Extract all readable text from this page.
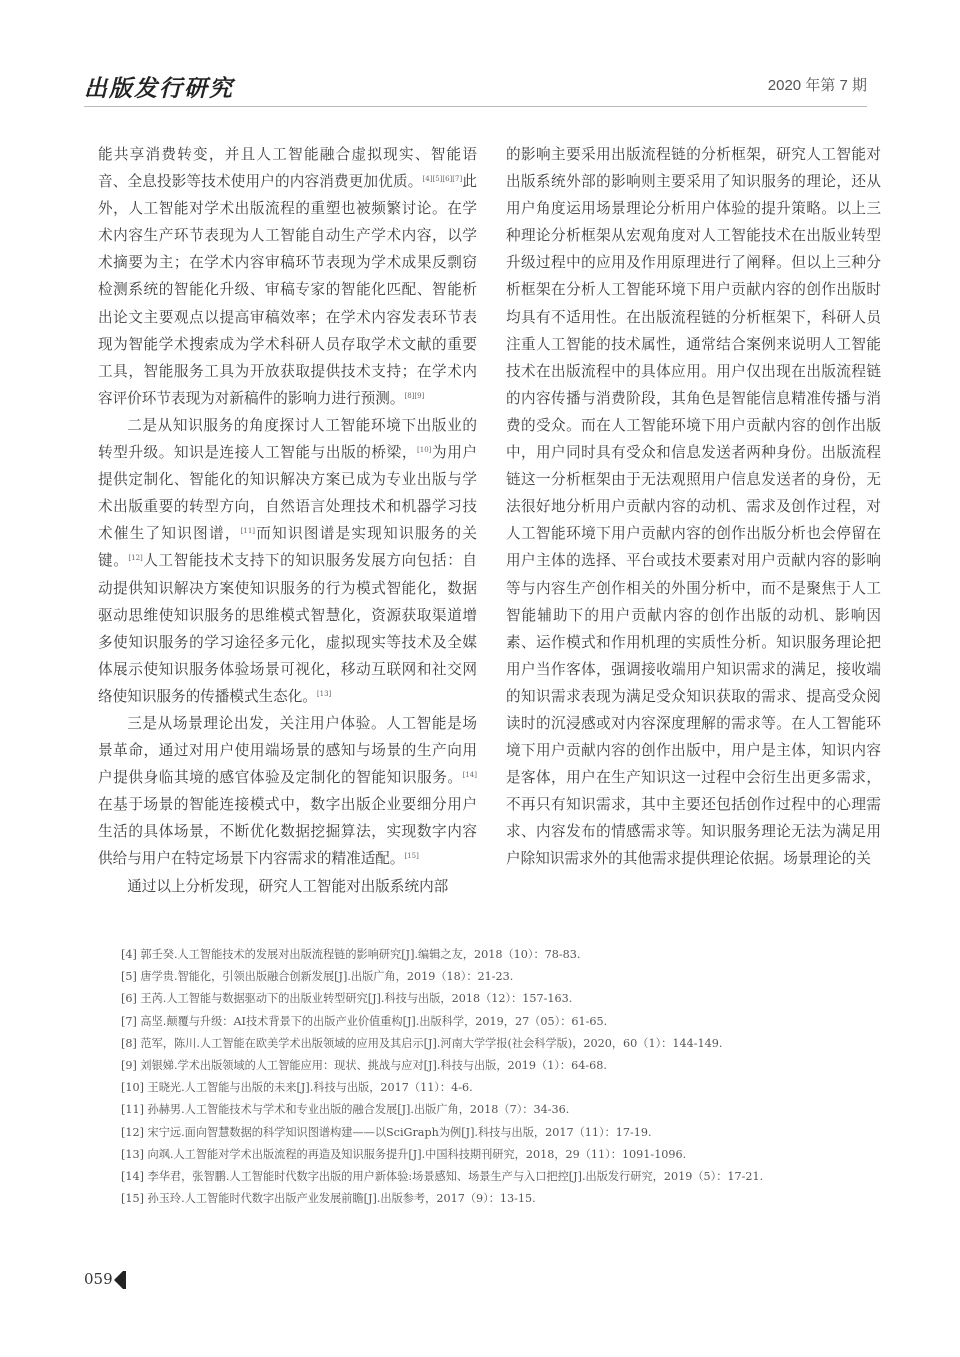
出版发行研究	2020 年第 7 期

能共享消费转变，并且人工智能融合虚拟现实、智能语音、全息投影等技术使用户的内容消费更加优质。[4][5][6][7]此外，人工智能对学术出版流程的重塑也被频繁讨论。在学术内容生产环节表现为人工智能自动生产学术内容，以学术摘要为主；在学术内容审稿环节表现为学术成果反剽窃检测系统的智能化升级、审稿专家的智能化匹配、智能析出论文主要观点以提高审稿效率；在学术内容发表环节表现为智能学术搜索成为学术科研人员存取学术文献的重要工具，智能服务工具为开放获取提供技术支持；在学术内容评价环节表现为对新稿件的影响力进行预测。[8][9]

二是从知识服务的角度探讨人工智能环境下出版业的转型升级。知识是连接人工智能与出版的桥梁，[10]为用户提供定制化、智能化的知识解决方案已成为专业出版与学术出版重要的转型方向，自然语言处理技术和机器学习技术催生了知识图谱，[11]而知识图谱是实现知识服务的关键。[12]人工智能技术支持下的知识服务发展方向包括：自动提供知识解决方案使知识服务的行为模式智能化，数据驱动思维使知识服务的思维模式智慧化，资源获取渠道增多使知识服务的学习途径多元化，虚拟现实等技术及全媒体展示使知识服务体验场景可视化，移动互联网和社交网络使知识服务的传播模式生态化。[13]

三是从场景理论出发，关注用户体验。人工智能是场景革命，通过对用户使用端场景的感知与场景的生产向用户提供身临其境的感官体验及定制化的智能知识服务。[14]在基于场景的智能连接模式中，数字出版企业要细分用户生活的具体场景，不断优化数据挖掘算法，实现数字内容供给与用户在特定场景下内容需求的精准适配。[15]

通过以上分析发现，研究人工智能对出版系统内部

的影响主要采用出版流程链的分析框架，研究人工智能对出版系统外部的影响则主要采用了知识服务的理论，还从用户角度运用场景理论分析用户体验的提升策略。以上三种理论分析框架从宏观角度对人工智能技术在出版业转型升级过程中的应用及作用原理进行了阐释。但以上三种分析框架在分析人工智能环境下用户贡献内容的创作出版时均具有不适用性。在出版流程链的分析框架下，科研人员注重人工智能的技术属性，通常结合案例来说明人工智能技术在出版流程中的具体应用。用户仅出现在出版流程链的内容传播与消费阶段，其角色是智能信息精准传播与消费的受众。而在人工智能环境下用户贡献内容的创作出版中，用户同时具有受众和信息发送者两种身份。出版流程链这一分析框架由于无法观照用户信息发送者的身份，无法很好地分析用户贡献内容的动机、需求及创作过程，对人工智能环境下用户贡献内容的创作出版分析也会停留在用户主体的选择、平台或技术要素对用户贡献内容的影响等与内容生产创作相关的外围分析中，而不是聚焦于人工智能辅助下的用户贡献内容的创作出版的动机、影响因素、运作模式和作用机理的实质性分析。知识服务理论把用户当作客体，强调接收端用户知识需求的满足，接收端的知识需求表现为满足受众知识获取的需求、提高受众阅读时的沉浸感或对内容深度理解的需求等。在人工智能环境下用户贡献内容的创作出版中，用户是主体，知识内容是客体，用户在生产知识这一过程中会衍生出更多需求，不再只有知识需求，其中主要还包括创作过程中的心理需求、内容发布的情感需求等。知识服务理论无法为满足用户除知识需求外的其他需求提供理论依据。场景理论的关

[4] 郭壬癸.人工智能技术的发展对出版流程链的影响研究[J].编辑之友，2018（10）：78-83.
[5] 唐学贵.智能化，引领出版融合创新发展[J].出版广角，2019（18）：21-23.
[6] 王芮.人工智能与数据驱动下的出版业转型研究[J].科技与出版，2018（12）：157-163.
[7] 高坚.颠覆与升级：AI技术背景下的出版产业价值重构[J].出版科学，2019，27（05）：61-65.
[8] 范军，陈川.人工智能在欧美学术出版领域的应用及其启示[J].河南大学学报(社会科学版)，2020，60（1）：144-149.
[9] 刘银娣.学术出版领域的人工智能应用：现状、挑战与应对[J].科技与出版，2019（1）：64-68.
[10] 王晓光.人工智能与出版的未来[J].科技与出版，2017（11）：4-6.
[11] 孙赫男.人工智能技术与学术和专业出版的融合发展[J].出版广角，2018（7）：34-36.
[12] 宋宁远.面向智慧数据的科学知识图谱构建——以SciGraph为例[J].科技与出版，2017（11）：17-19.
[13] 向飒.人工智能对学术出版流程的再造及知识服务提升[J].中国科技期刊研究，2018，29（11）：1091-1096.
[14] 李华君，张智鹏.人工智能时代数字出版的用户新体验:场景感知、场景生产与入口把控[J].出版发行研究，2019（5）：17-21.
[15] 孙玉玲.人工智能时代数字出版产业发展前瞻[J].出版参考，2017（9）：13-15.
059
